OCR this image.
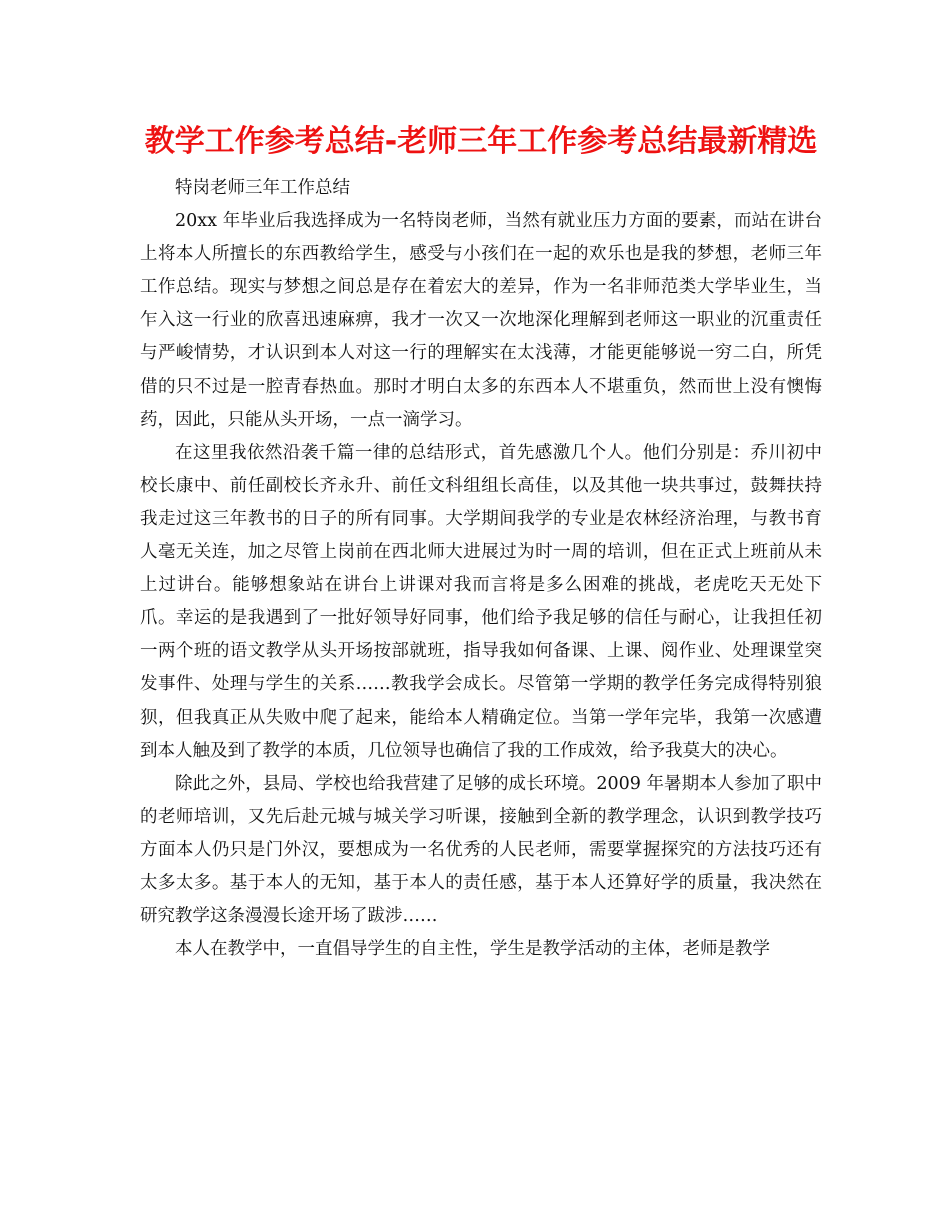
教学工作参考总结-老师三年工作参考总结最新精选

特岗老师三年工作总结

20xx 年毕业后我选择成为一名特岗老师，当然有就业压力方面的要素，而站在讲台上将本人所擅长的东西教给学生，感受与小孩们在一起的欢乐也是我的梦想，老师三年工作总结。现实与梦想之间总是存在着宏大的差异，作为一名非师范类大学毕业生，当乍入这一行业的欣喜迅速麻痹，我才一次又一次地深化理解到老师这一职业的沉重责任与严峻情势，才认识到本人对这一行的理解实在太浅薄，才能更能够说一穷二白，所凭借的只不过是一腔青春热血。那时才明白太多的东西本人不堪重负，然而世上没有懊悔药，因此，只能从头开场，一点一滴学习。

在这里我依然沿袭千篇一律的总结形式，首先感激几个人。他们分别是：乔川初中校长康中、前任副校长齐永升、前任文科组组长高佳，以及其他一块共事过，鼓舞扶持我走过这三年教书的日子的所有同事。大学期间我学的专业是农林经济治理，与教书育人毫无关连，加之尽管上岗前在西北师大进展过为时一周的培训，但在正式上班前从未上过讲台。能够想象站在讲台上讲课对我而言将是多么困难的挑战，老虎吃天无处下爪。幸运的是我遇到了一批好领导好同事，他们给予我足够的信任与耐心，让我担任初一两个班的语文教学从头开场按部就班，指导我如何备课、上课、阅作业、处理课堂突发事件、处理与学生的关系……教我学会成长。尽管第一学期的教学任务完成得特别狼狈，但我真正从失败中爬了起来，能给本人精确定位。当第一学年完毕，我第一次感遭到本人触及到了教学的本质，几位领导也确信了我的工作成效，给予我莫大的决心。

除此之外，县局、学校也给我营建了足够的成长环境。2009 年暑期本人参加了职中的老师培训，又先后赴元城与城关学习听课，接触到全新的教学理念，认识到教学技巧方面本人仍只是门外汉，要想成为一名优秀的人民老师，需要掌握探究的方法技巧还有太多太多。基于本人的无知，基于本人的责任感，基于本人还算好学的质量，我决然在研究教学这条漫漫长途开场了跋涉……

本人在教学中，一直倡导学生的自主性，学生是教学活动的主体，老师是教学
